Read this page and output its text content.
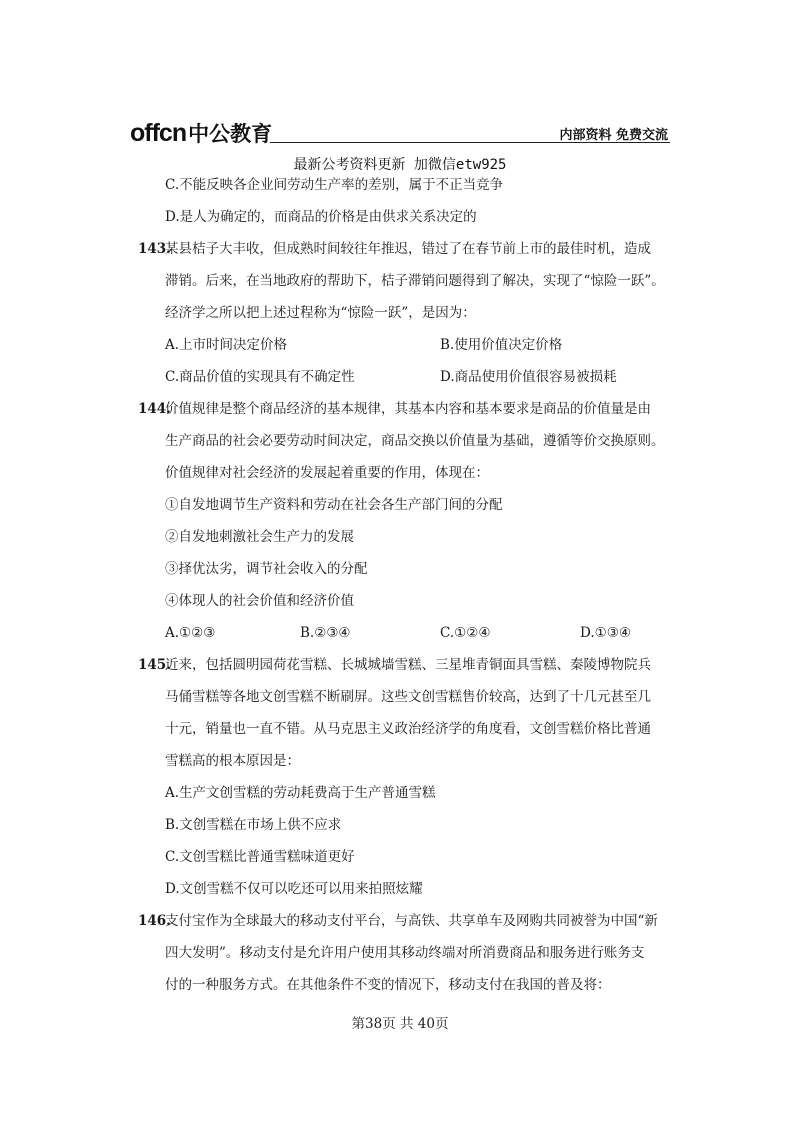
offcn 中公教育	内部资料 免费交流
最新公考资料更新 加微信etw925
C.不能反映各企业间劳动生产率的差别，属于不正当竞争
D.是人为确定的，而商品的价格是由供求关系决定的
143.
某县桔子大丰收，但成熟时间较往年推迟，错过了在春节前上市的最佳时机，造成
滞销。后来，在当地政府的帮助下，桔子滞销问题得到了解决，实现了“惊险一跃”。
经济学之所以把上述过程称为“惊险一跃”，是因为：
A.上市时间决定价格	B.使用价值决定价格
C.商品价值的实现具有不确定性	D.商品使用价值很容易被损耗
144.
价值规律是整个商品经济的基本规律，其基本内容和基本要求是商品的价值量是由
生产商品的社会必要劳动时间决定，商品交换以价值量为基础，遵循等价交换原则。
价值规律对社会经济的发展起着重要的作用，体现在：
①自发地调节生产资料和劳动在社会各生产部门间的分配
②自发地刺激社会生产力的发展
③择优汰劣，调节社会收入的分配
④体现人的社会价值和经济价值
A.①②③	B.②③④	C.①②④	D.①③④
145.
近来，包括圆明园荷花雪糕、长城城墙雪糕、三星堆青铜面具雪糕、秦陵博物院兵
马俑雪糕等各地文创雪糕不断刷屏。这些文创雪糕售价较高，达到了十几元甚至几
十元，销量也一直不错。从马克思主义政治经济学的角度看，文创雪糕价格比普通
雪糕高的根本原因是：
A.生产文创雪糕的劳动耗费高于生产普通雪糕
B.文创雪糕在市场上供不应求
C.文创雪糕比普通雪糕味道更好
D.文创雪糕不仅可以吃还可以用来拍照炫耀
146.
支付宝作为全球最大的移动支付平台，与高铁、共享单车及网购共同被誉为中国“新
四大发明”。移动支付是允许用户使用其移动终端对所消费商品和服务进行账务支
付的一种服务方式。在其他条件不变的情况下，移动支付在我国的普及将：
第38页 共 40页
